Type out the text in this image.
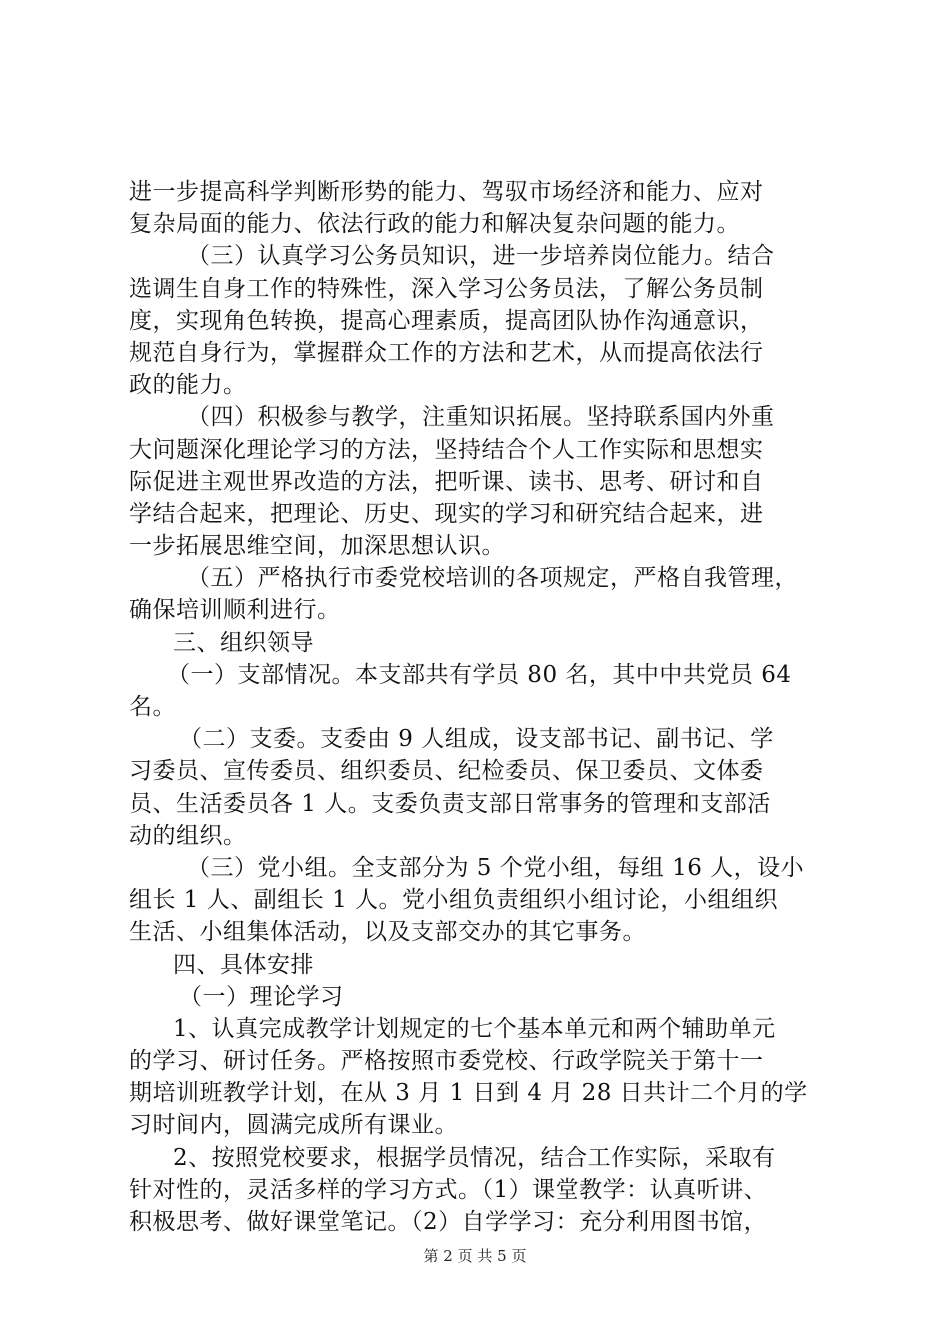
进一步提高科学判断形势的能力、驾驭市场经济和能力、应对
复杂局面的能力、依法行政的能力和解决复杂问题的能力。
（三）认真学习公务员知识，进一步培养岗位能力。结合
选调生自身工作的特殊性，深入学习公务员法，了解公务员制
度，实现角色转换，提高心理素质，提高团队协作沟通意识，
规范自身行为，掌握群众工作的方法和艺术，从而提高依法行
政的能力。
（四）积极参与教学，注重知识拓展。坚持联系国内外重
大问题深化理论学习的方法，坚持结合个人工作实际和思想实
际促进主观世界改造的方法，把听课、读书、思考、研讨和自
学结合起来，把理论、历史、现实的学习和研究结合起来，进
一步拓展思维空间，加深思想认识。
（五）严格执行市委党校培训的各项规定，严格自我管理，
确保培训顺利进行。
三、组织领导
（一）支部情况。本支部共有学员 80 名，其中中共党员 64
名。
（二）支委。支委由 9 人组成，设支部书记、副书记、学
习委员、宣传委员、组织委员、纪检委员、保卫委员、文体委
员、生活委员各 1 人。支委负责支部日常事务的管理和支部活
动的组织。
（三）党小组。全支部分为 5 个党小组，每组 16 人，设小
组长 1 人、副组长 1 人。党小组负责组织小组讨论，小组组织
生活、小组集体活动，以及支部交办的其它事务。
四、具体安排
（一）理论学习
1、认真完成教学计划规定的七个基本单元和两个辅助单元
的学习、研讨任务。严格按照市委党校、行政学院关于第十一
期培训班教学计划，在从 3 月 1 日到 4 月 28 日共计二个月的学
习时间内，圆满完成所有课业。
2、按照党校要求，根据学员情况，结合工作实际，采取有
针对性的，灵活多样的学习方式。（1）课堂教学：认真听讲、
积极思考、做好课堂笔记。（2）自学学习：充分利用图书馆，
第 2 页 共 5 页
